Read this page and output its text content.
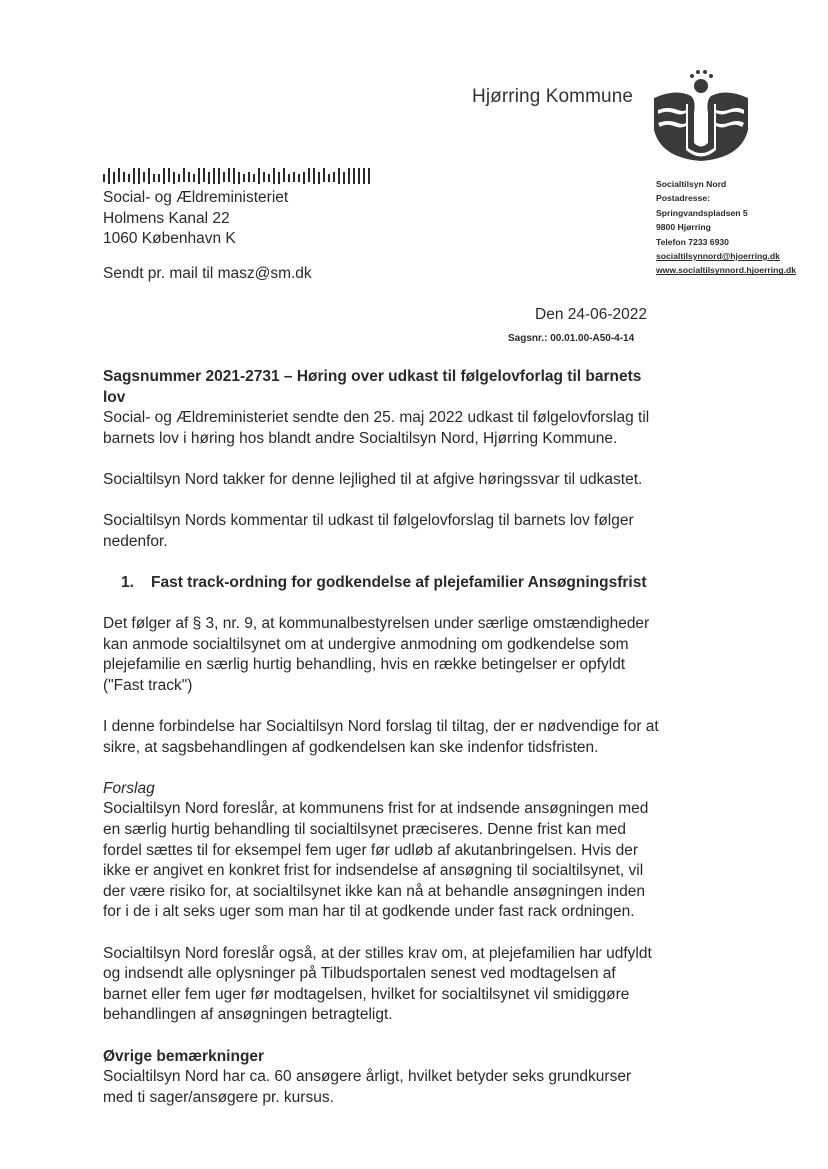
Hjørring Kommune
Social- og Ældreministeriet
Holmens Kanal 22
1060 København K
Sendt pr. mail til masz@sm.dk
Socialtilsyn Nord
Postadresse:
Springvandspladsen 5
9800 Hjørring
Telefon 7233 6930
socialtilsynnord@hjoerring.dk
www.socialtilsynnord.hjoerring.dk
Den 24-06-2022
Sagsnr.: 00.01.00-A50-4-14

Sagsnummer 2021-2731 – Høring over udkast til følgelovforlag til barnets lov

Social- og Ældreministeriet sendte den 25. maj 2022 udkast til følgelovforslag til barnets lov i høring hos blandt andre Socialtilsyn Nord, Hjørring Kommune.

Socialtilsyn Nord takker for denne lejlighed til at afgive høringssvar til udkastet.

Socialtilsyn Nords kommentar til udkast til følgelovforslag til barnets lov følger nedenfor.

1.	Fast track-ordning for godkendelse af plejefamilier Ansøgningsfrist

Det følger af § 3, nr. 9, at kommunalbestyrelsen under særlige omstændigheder kan anmode socialtilsynet om at undergive anmodning om godkendelse som plejefamilie en særlig hurtig behandling, hvis en række betingelser er opfyldt ("Fast track")

I denne forbindelse har Socialtilsyn Nord forslag til tiltag, der er nødvendige for at sikre, at sagsbehandlingen af godkendelsen kan ske indenfor tidsfristen.

Forslag

Socialtilsyn Nord foreslår, at kommunens frist for at indsende ansøgningen med en særlig hurtig behandling til socialtilsynet præciseres. Denne frist kan med fordel sættes til for eksempel fem uger før udløb af akutanbringelsen. Hvis der ikke er angivet en konkret frist for indsendelse af ansøgning til socialtilsynet, vil der være risiko for, at socialtilsynet ikke kan nå at behandle ansøgningen inden for i de i alt seks uger som man har til at godkende under fast rack ordningen.

Socialtilsyn Nord foreslår også, at der stilles krav om, at plejefamilien har udfyldt og indsendt alle oplysninger på Tilbudsportalen senest ved modtagelsen af barnet eller fem uger før modtagelsen, hvilket for socialtilsynet vil smidiggøre behandlingen af ansøgningen betragteligt.

Øvrige bemærkninger

Socialtilsyn Nord har ca. 60 ansøgere årligt, hvilket betyder seks grundkurser med ti sager/ansøgere pr. kursus.
